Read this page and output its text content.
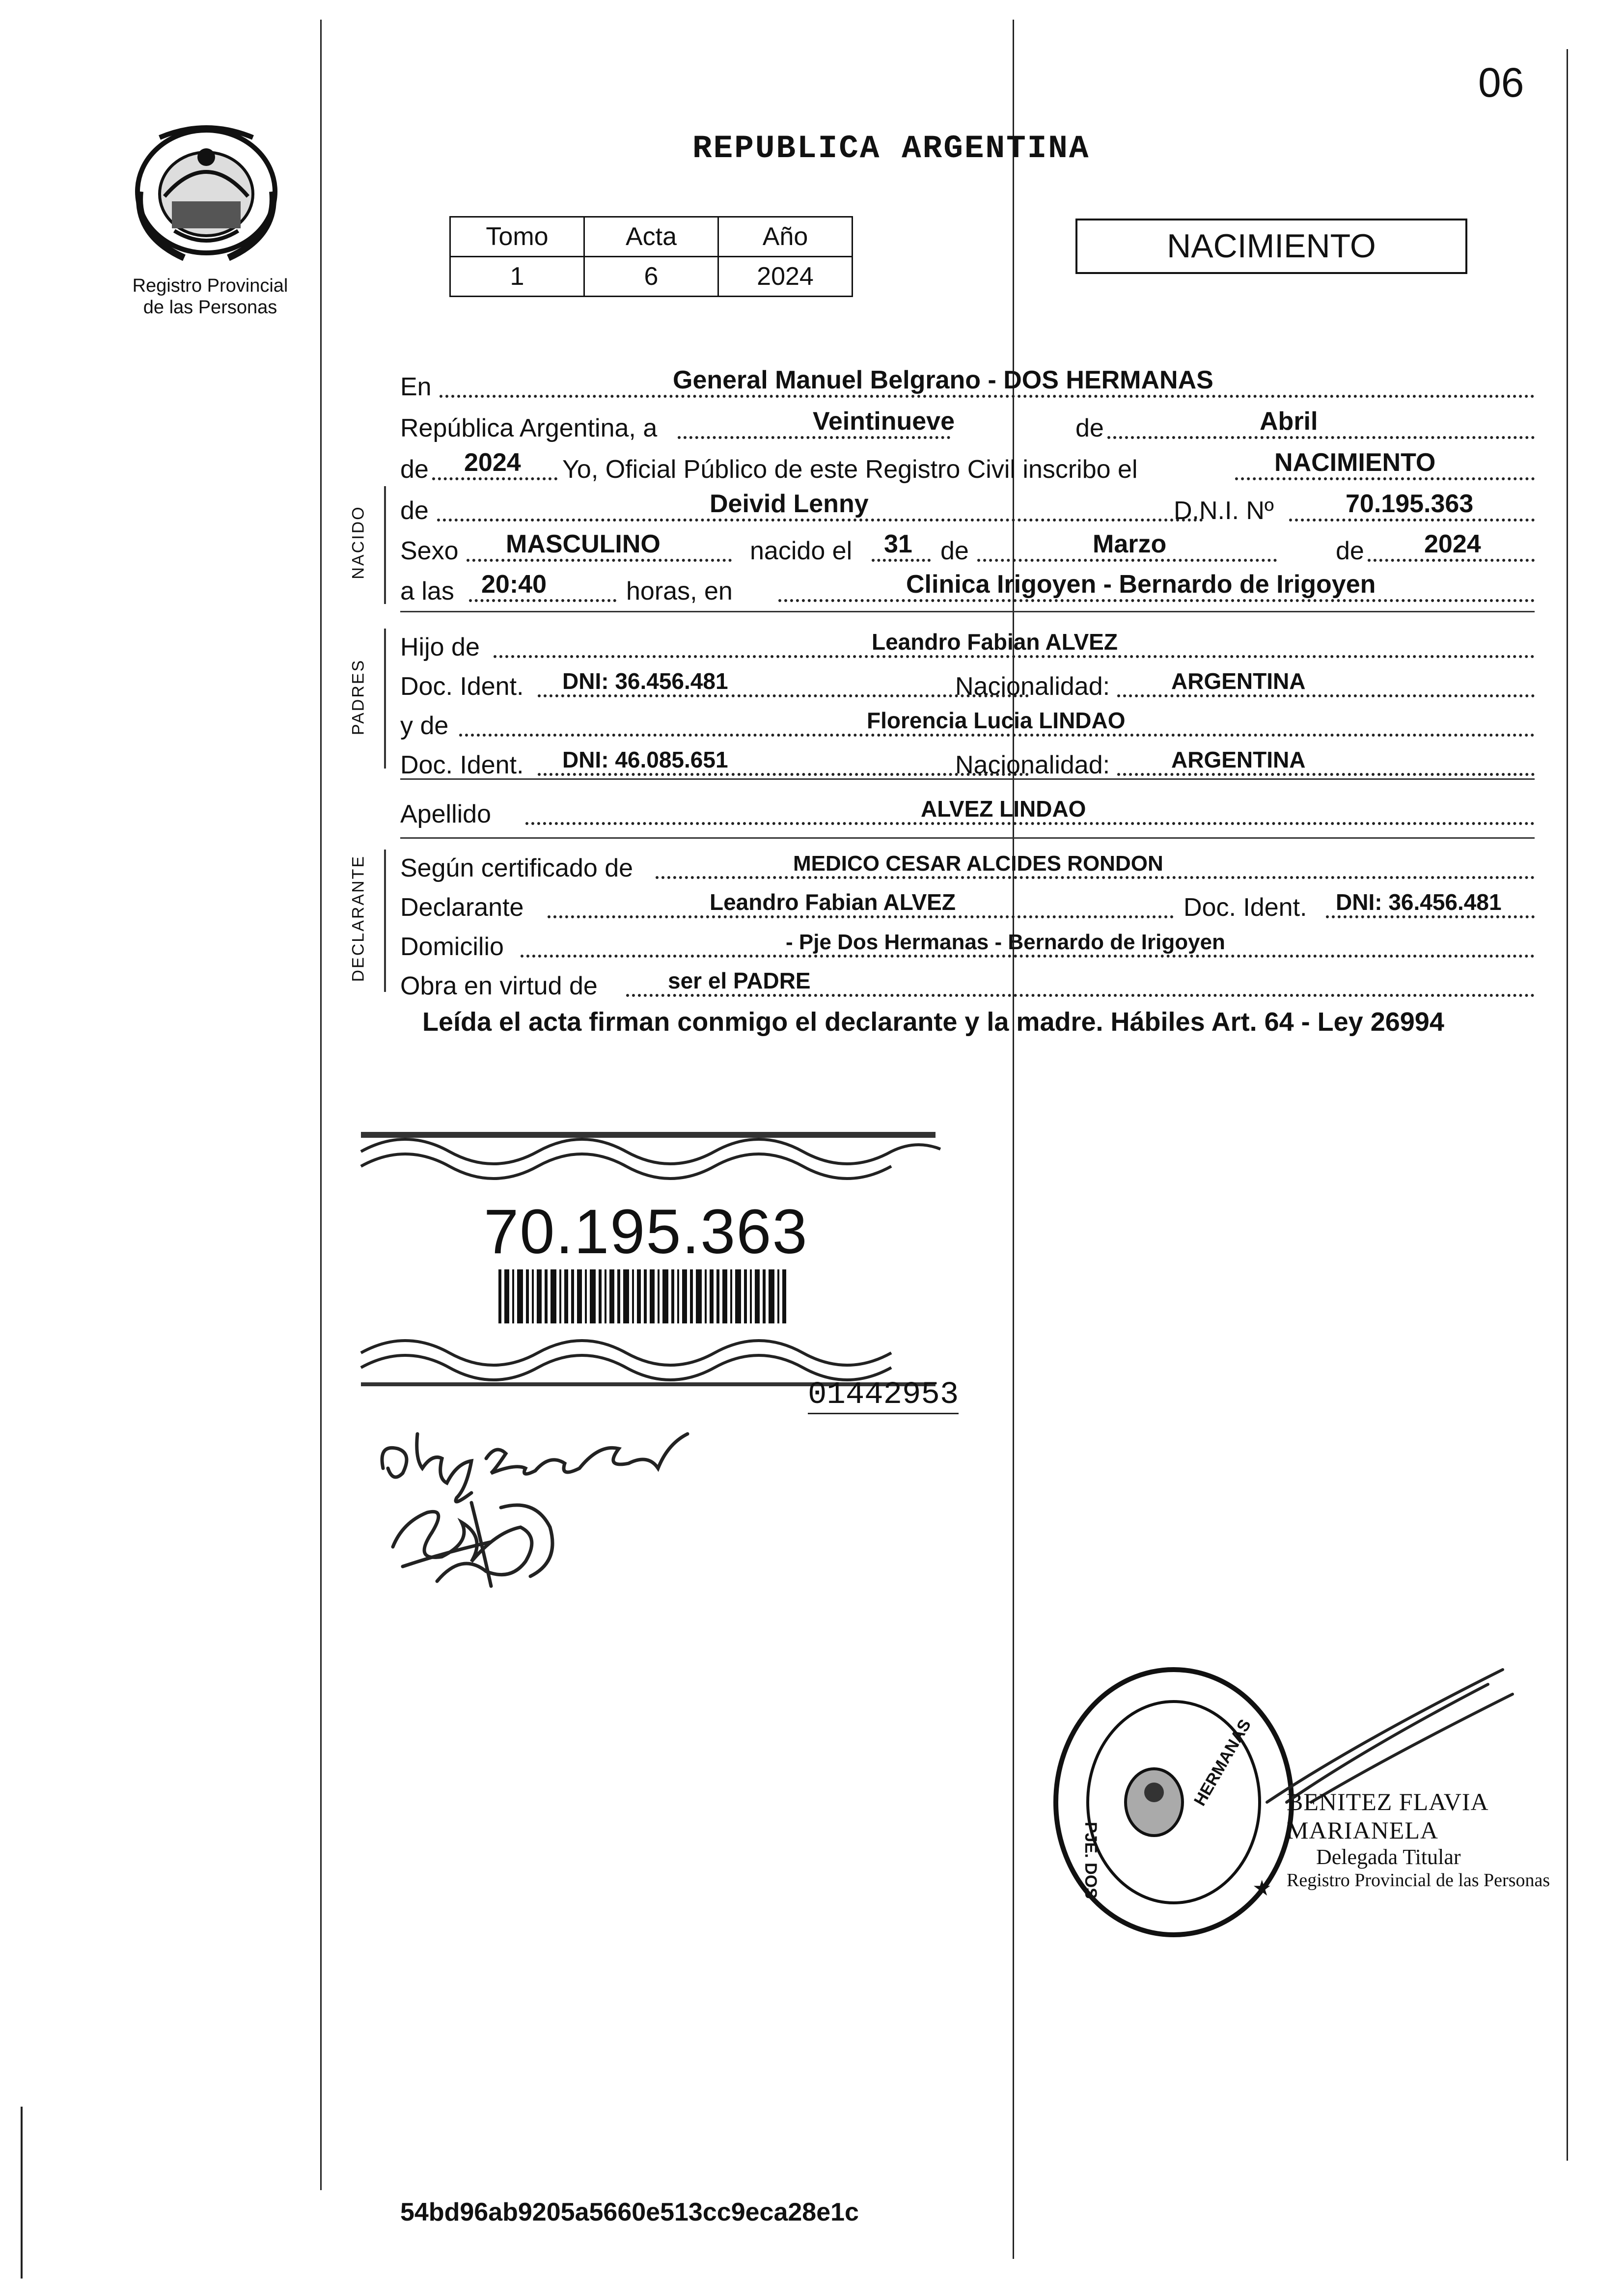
06
Registro Provincial
de las Personas
REPUBLICA ARGENTINA
Tomo	Acta	Año
1	6	2024
NACIMIENTO
En	General Manuel Belgrano - DOS HERMANAS
República Argentina, a	Veintinueve	de	Abril
de 2024 Yo, Oficial Público de este Registro Civil inscribo el	NACIMIENTO
NACIDO de	Deivid Lenny	D.N.I. Nº	70.195.363
Sexo MASCULINO	nacido el 31 de	Marzo	de 2024
a las 20:40	horas, en	Clinica Irigoyen - Bernardo de Irigoyen
PADRES
Hijo de	Leandro Fabian ALVEZ
Doc. Ident. DNI: 36.456.481	Nacionalidad:	ARGENTINA
y de	Florencia Lucia LINDAO
Doc. Ident. DNI: 46.085.651	Nacionalidad:	ARGENTINA
Apellido	ALVEZ LINDAO
DECLARANTE Según certificado de	MEDICO CESAR ALCIDES RONDON
Declarante	Leandro Fabian ALVEZ	Doc. Ident. DNI: 36.456.481
Domicilio	- Pje Dos Hermanas - Bernardo de Irigoyen
Obra en virtud de	ser el PADRE
Leída el acta firman conmigo el declarante y la madre. Hábiles Art. 64 - Ley 26994
70.195.363
01442953
★
HERMANAS
PJE. DOS
BENITEZ FLAVIA MARIANELA
Delegada Titular
Registro Provincial de las Personas
54bd96ab9205a5660e513cc9eca28e1c
